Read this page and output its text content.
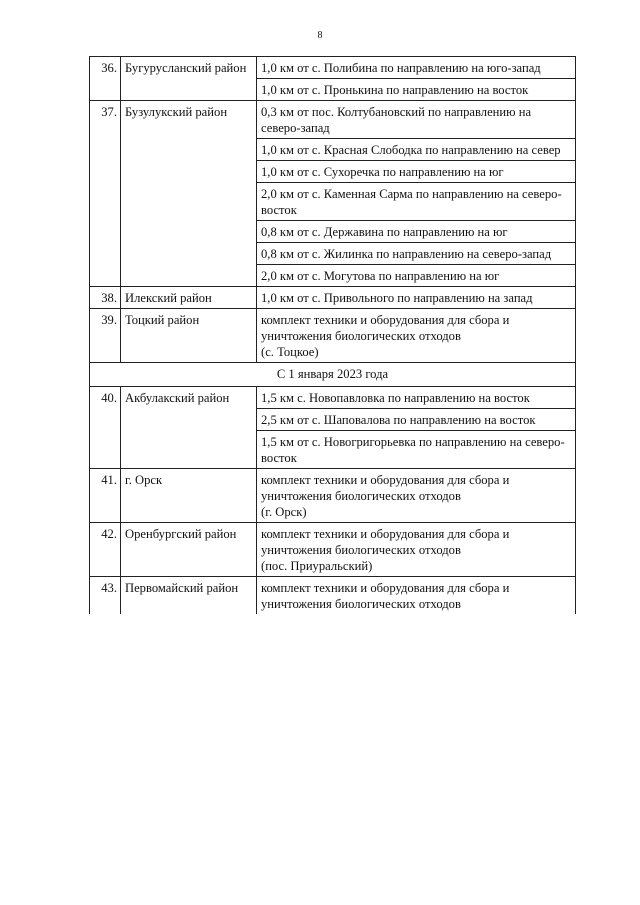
8
36.	Бугурусланский район	1,0 км от с. Полибина по направлению на юго-запад
		1,0 км от с. Пронькина по направлению на восток
37.	Бузулукский район	0,3 км от пос. Колтубановский по направлению на северо-запад
		1,0 км от с. Красная Слободка по направлению на север
		1,0 км от с. Сухоречка по направлению на юг
		2,0 км от с. Каменная Сарма по направлению на северо-восток
		0,8 км от с. Державина по направлению на юг
		0,8 км от с. Жилинка по направлению на северо-запад
		2,0 км от с. Могутова по направлению на юг
38.	Илекский район	1,0 км от с. Привольного по направлению на запад
39.	Тоцкий район	комплект техники и оборудования для сбора и уничтожения биологических отходов
(с. Тоцкое)
С 1 января 2023 года		
40.	Акбулакский район	1,5 км с. Новопавловка по направлению на восток
		2,5 км от с. Шаповалова по направлению на восток
		1,5 км от с. Новогригорьевка по направлению на северо-восток
41.	г. Орск	комплект техники и оборудования для сбора и уничтожения биологических отходов
(г. Орск)
42.	Оренбургский район	комплект техники и оборудования для сбора и уничтожения биологических отходов
(пос. Приуральский)
43.	Первомайский район	комплект техники и оборудования для сбора и уничтожения биологических отходов
